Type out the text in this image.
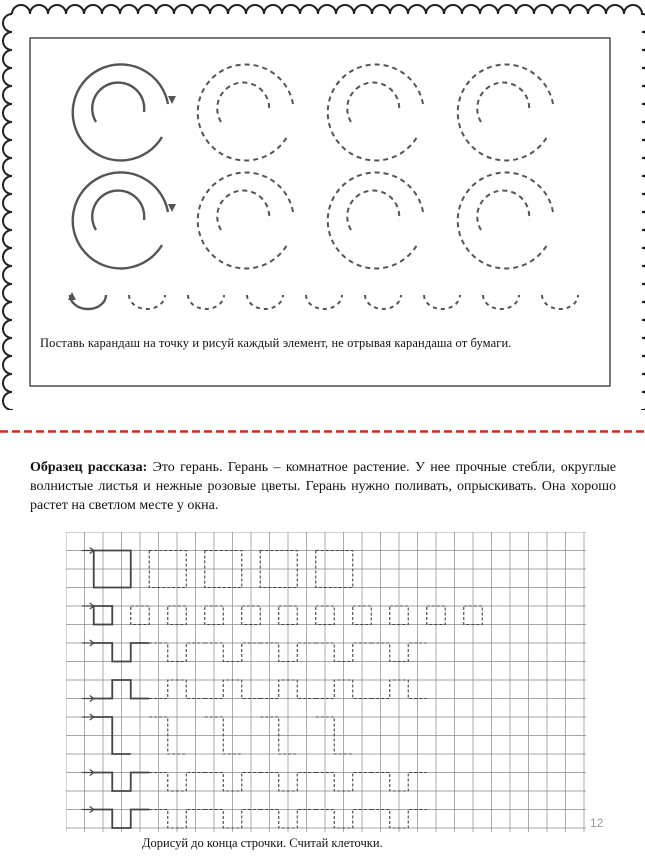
Поставь карандаш на точку и рисуй каждый элемент, не отрывая карандаша от бумаги.
Образец рассказа: Это герань. Герань – комнатное растение. У нее прочные стебли, округлые волнистые листья и нежные розовые цветы. Герань нужно поливать, опрыскивать. Она хорошо растет на светлом месте у окна.
12
Дорисуй до конца строчки. Считай клеточки.
